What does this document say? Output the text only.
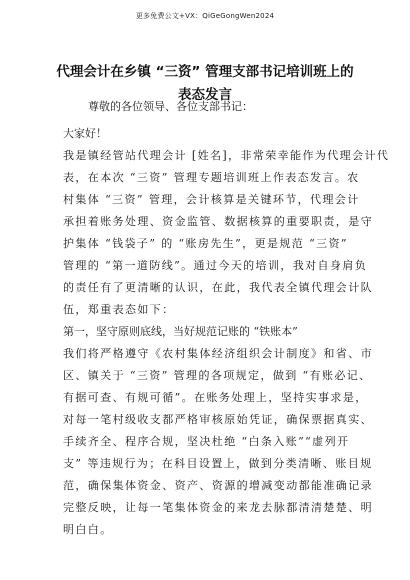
更多免费公文+VX：QiGeGongWen2024
代理会计在乡镇 “三资” 管理支部书记培训班上的
表态发言
尊敬的各位领导、各位支部书记：
大家好！
我是镇经管站代理会计 [姓名]，非常荣幸能作为代理会计代
表，在本次 “三资” 管理专题培训班上作表态发言。农
村集体 “三资” 管理，会计核算是关键环节，代理会计
承担着账务处理、资金监管、数据核算的重要职责，是守
护集体 “钱袋子” 的 “账房先生”，更是规范 “三资”
管理的 “第一道防线”。通过今天的培训，我对自身肩负
的责任有了更清晰的认识，在此，我代表全镇代理会计队
伍，郑重表态如下：
第一，坚守原则底线，当好规范记账的 “铁账本”
我们将严格遵守《农村集体经济组织会计制度》和省、市
区、镇关于 “三资” 管理的各项规定，做到 “有账必记、
有据可查、有规可循”。在账务处理上，坚持实事求是，
对每一笔村级收支都严格审核原始凭证，确保票据真实、
手续齐全、程序合规，坚决杜绝 “白条入账”“虚列开
支” 等违规行为；在科目设置上，做到分类清晰、账目规
范，确保集体资金、资产、资源的增减变动都能准确记录
完整反映，让每一笔集体资金的来龙去脉都清清楚楚、明
明白白。
